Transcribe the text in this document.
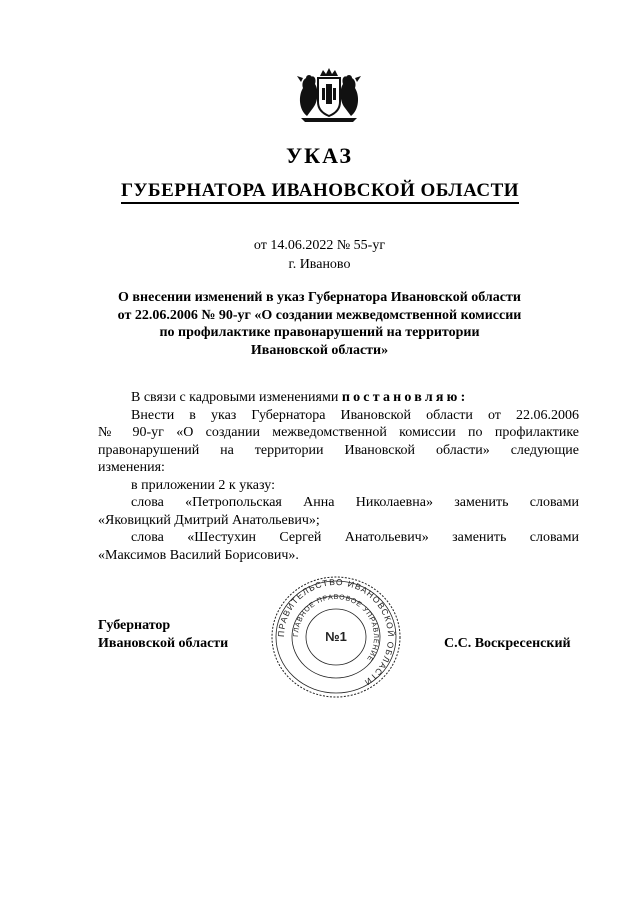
УКАЗ
ГУБЕРНАТОРА ИВАНОВСКОЙ ОБЛАСТИ
от 14.06.2022 № 55-уг
г. Иваново
О внесении изменений в указ Губернатора Ивановской области
от 22.06.2006 № 90-уг «О создании межведомственной комиссии
по профилактике правонарушений на территории
Ивановской области»

В связи с кадровыми изменениями постановляю:

Внести в указ Губернатора Ивановской области от 22.06.2006

№ 90-уг «О создании межведомственной комиссии по профилактике

правонарушений на территории Ивановской области» следующие

изменения:

в приложении 2 к указу:

слова «Петропольская Анна Николаевна» заменить словами

«Яковицкий Дмитрий Анатольевич»;

слова «Шестухин Сергей Анатольевич» заменить словами

«Максимов Василий Борисович».

Губернатор
Ивановской области	С.С. Воскресенский
ПРАВИТЕЛЬСТВО ИВАНОВСКОЙ ОБЛАСТИ
ГЛАВНОЕ ПРАВОВОЕ УПРАВЛЕНИЕ
№1
